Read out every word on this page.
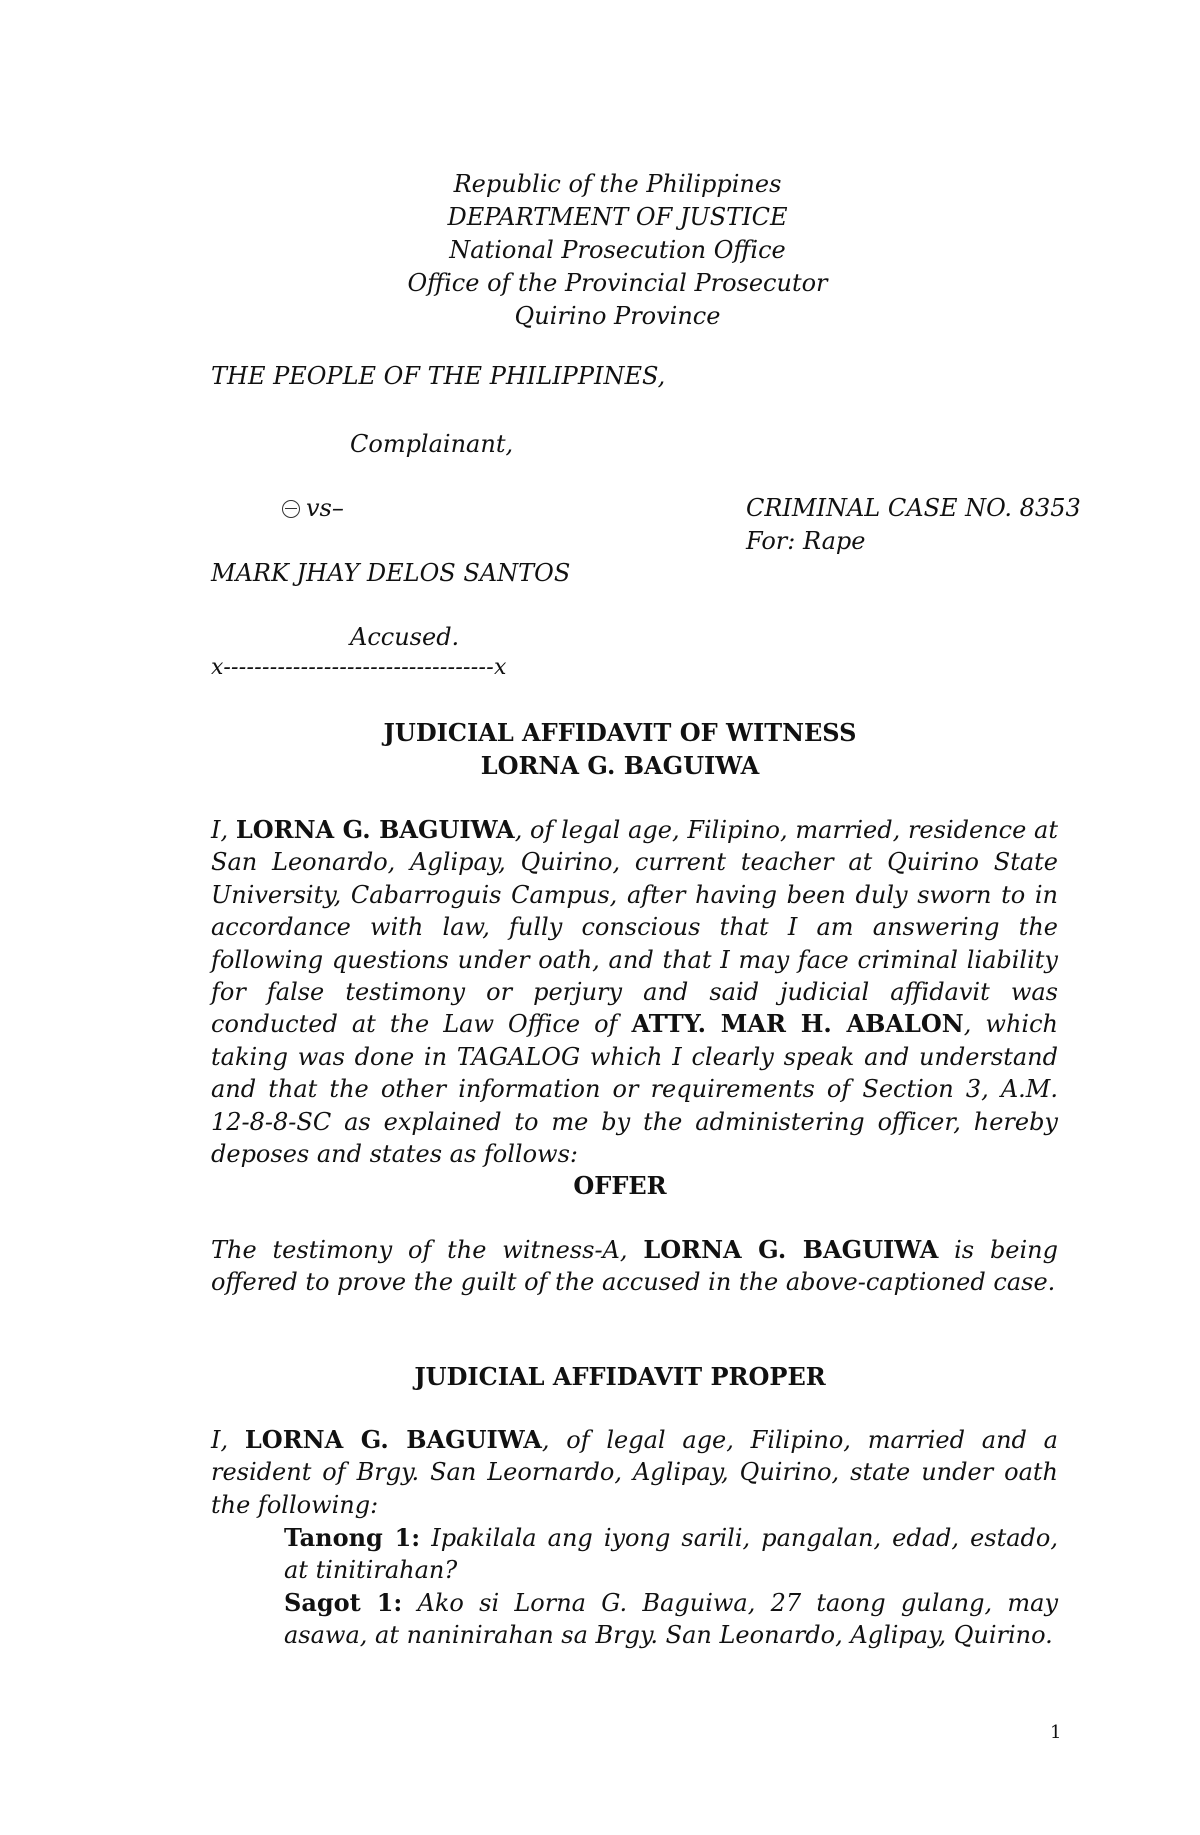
Republic of the Philippines
DEPARTMENT OF JUSTICE
National Prosecution Office
Office of the Provincial Prosecutor
Quirino Province
THE PEOPLE OF THE PHILIPPINES,
Complainant,
vs–	CRIMINAL CASE NO. 8353
For: Rape
MARK JHAY DELOS SANTOS
Accused.
x-----------------------------------x
JUDICIAL AFFIDAVIT OF WITNESS
LORNA G. BAGUIWA
I, LORNA G. BAGUIWA, of legal age, Filipino, married, residence at San Leonardo, Aglipay, Quirino, current teacher at Quirino State University, Cabarroguis Campus, after having been duly sworn to in accordance with law, fully conscious that I am answering the following questions under oath, and that I may face criminal liability for false testimony or perjury and said judicial affidavit was conducted at the Law Office of ATTY. MAR H. ABALON, which taking was done in TAGALOG which I clearly speak and understand and that the other information or requirements of Section 3, A.M. 12-8-8-SC as explained to me by the administering officer, hereby deposes and states as follows:
OFFER
The testimony of the witness-A, LORNA G. BAGUIWA is being offered to prove the guilt of the accused in the above-captioned case.
JUDICIAL AFFIDAVIT PROPER
I, LORNA G. BAGUIWA, of legal age, Filipino, married and a resident of Brgy. San Leornardo, Aglipay, Quirino, state under oath the following:

Tanong 1: Ipakilala ang iyong sarili, pangalan, edad, estado, at tinitirahan?

Sagot 1: Ako si Lorna G. Baguiwa, 27 taong gulang, may asawa, at naninirahan sa Brgy. San Leonardo, Aglipay, Quirino.

1
